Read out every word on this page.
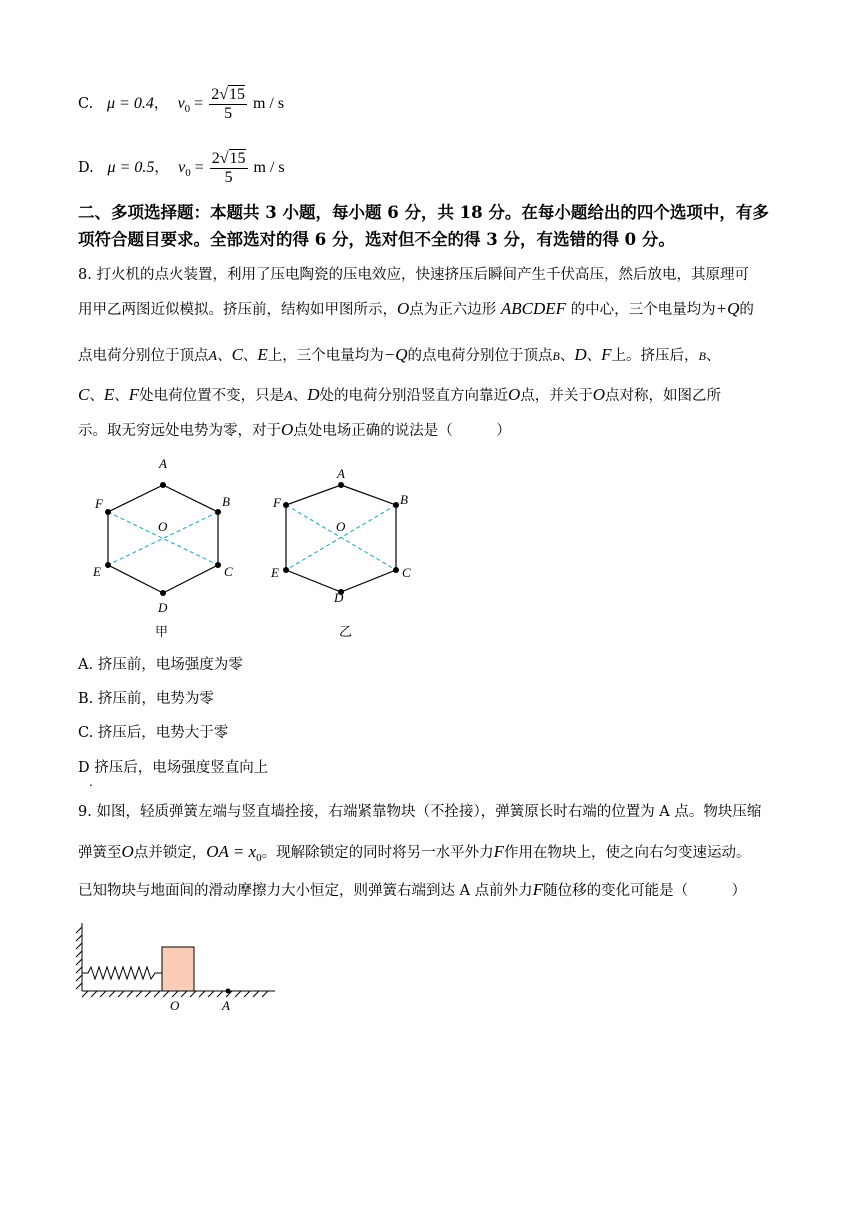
C. μ = 0.4， $v_0 = \frac{2√15}{5}$ m / s
D. μ = 0.5， $v_0 = \frac{2√15}{5}$ m / s
二、多项选择题：本题共 3 小题，每小题 6 分，共 18 分。在每小题给出的四个选项中，有多
项符合题目要求。全部选对的得 6 分，选对但不全的得 3 分，有选错的得 0 分。
8. 打火机的点火装置，利用了压电陶瓷的压电效应，快速挤压后瞬间产生千伏高压，然后放电，其原理可
用甲乙两图近似模拟。挤压前，结构如甲图所示，O点为正六边形 ABCDEF 的中心，三个电量均为+Q的
点电荷分别位于顶点A、C、E上，三个电量均为−Q的点电荷分别位于顶点B、D、F上。挤压后，B、
C、E、F处电荷位置不变，只是A、D处的电荷分别沿竖直方向靠近O点，并关于O点对称，如图乙所
示。取无穷远处电势为零，对于O点处电场正确的说法是（　　　）
A
B
C
D
E
F
O
甲
A
B
C
D
E
F
O
乙
A. 挤压前，电场强度为零
B. 挤压前，电势为零
C. 挤压后，电势大于零
D 挤压后，电场强度竖直向上
.
9. 如图，轻质弹簧左端与竖直墙拴接，右端紧靠物块（不拴接），弹簧原长时右端的位置为 A 点。物块压缩
弹簧至O点并锁定，OA = $x_0$。现解除锁定的同时将另一水平外力F作用在物块上，使之向右匀变速运动。
已知物块与地面间的滑动摩擦力大小恒定，则弹簧右端到达 A 点前外力F随位移的变化可能是（　　　）
O	A
